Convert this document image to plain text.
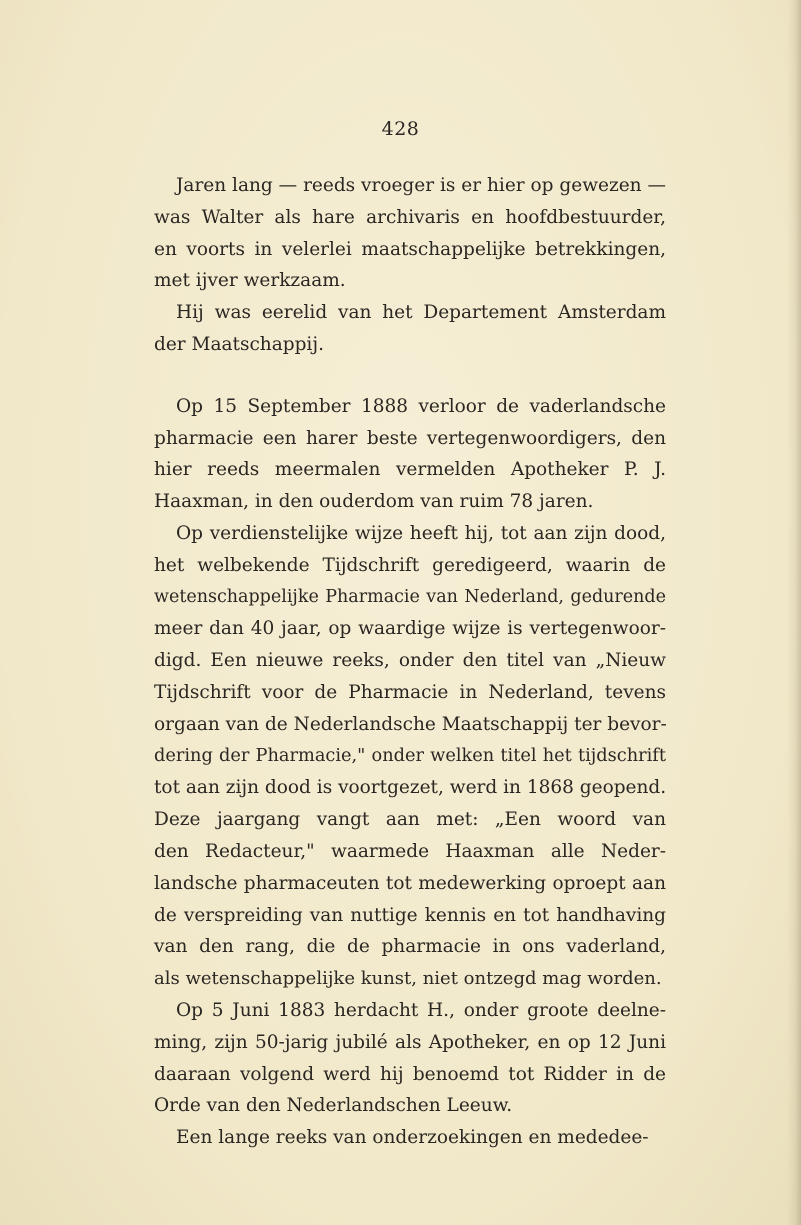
428
Jaren lang — reeds vroeger is er hier op gewezen —
was Walter als hare archivaris en hoofdbestuurder,
en voorts in velerlei maatschappelijke betrekkingen,
met ijver werkzaam.
Hij was eerelid van het Departement Amsterdam
der Maatschappij.
Op 15 September 1888 verloor de vaderlandsche
pharmacie een harer beste vertegenwoordigers, den
hier reeds meermalen vermelden Apotheker P. J.
Haaxman, in den ouderdom van ruim 78 jaren.
Op verdienstelijke wijze heeft hij, tot aan zijn dood,
het welbekende Tijdschrift geredigeerd, waarin de
wetenschappelijke Pharmacie van Nederland, gedurende
meer dan 40 jaar, op waardige wijze is vertegenwoor-
digd. Een nieuwe reeks, onder den titel van „Nieuw
Tijdschrift voor de Pharmacie in Nederland, tevens
orgaan van de Nederlandsche Maatschappij ter bevor-
dering der Pharmacie," onder welken titel het tijdschrift
tot aan zijn dood is voortgezet, werd in 1868 geopend.
Deze jaargang vangt aan met: „Een woord van
den Redacteur," waarmede Haaxman alle Neder-
landsche pharmaceuten tot medewerking oproept aan
de verspreiding van nuttige kennis en tot handhaving
van den rang, die de pharmacie in ons vaderland,
als wetenschappelijke kunst, niet ontzegd mag worden.
Op 5 Juni 1883 herdacht H., onder groote deelne-
ming, zijn 50-jarig jubilé als Apotheker, en op 12 Juni
daaraan volgend werd hij benoemd tot Ridder in de
Orde van den Nederlandschen Leeuw.
Een lange reeks van onderzoekingen en mededee-
